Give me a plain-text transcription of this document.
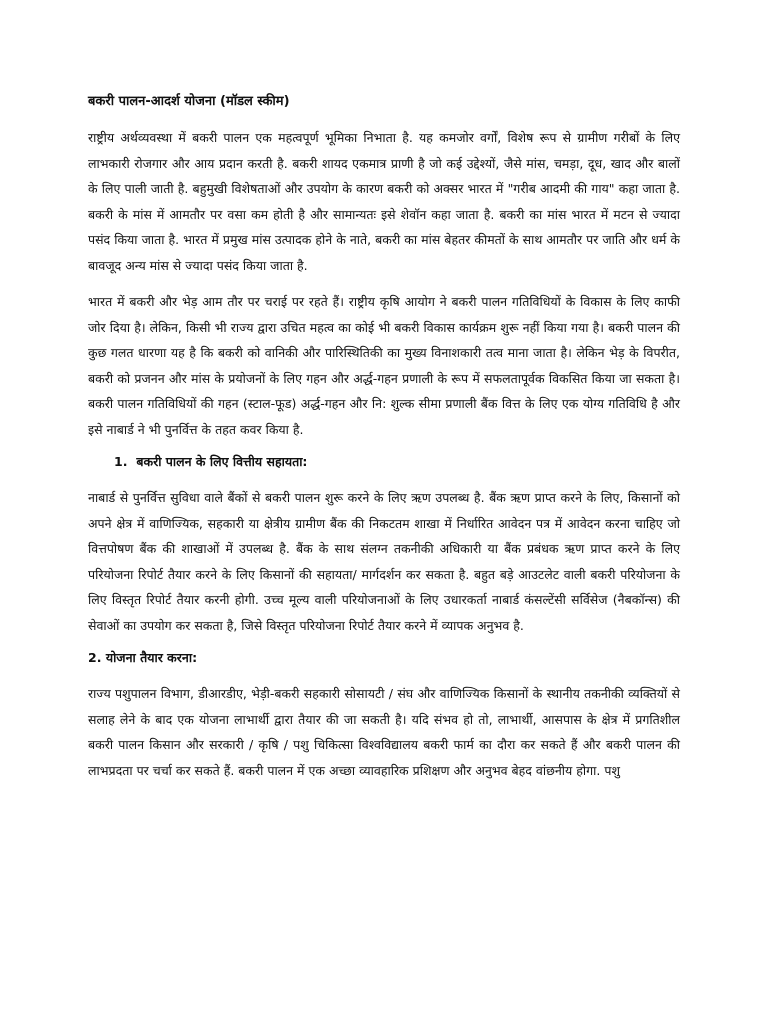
बकरी पालन-आदर्श योजना (मॉडल स्कीम)

राष्ट्रीय अर्थव्यवस्था में बकरी पालन एक महत्वपूर्ण भूमिका निभाता है. यह कमजोर वर्गों, विशेष रूप से ग्रामीण गरीबों के लिए लाभकारी रोजगार और आय प्रदान करती है. बकरी शायद एकमात्र प्राणी है जो कई उद्देश्यों, जैसे मांस, चमड़ा, दूध, खाद और बालों के लिए पाली जाती है. बहुमुखी विशेषताओं और उपयोग के कारण बकरी को अक्सर भारत में "गरीब आदमी की गाय" कहा जाता है. बकरी के मांस में आमतौर पर वसा कम होती है और सामान्यतः इसे शेवॉन कहा जाता है. बकरी का मांस भारत में मटन से ज्यादा पसंद किया जाता है. भारत में प्रमुख मांस उत्पादक होने के नाते, बकरी का मांस बेहतर कीमतों के साथ आमतौर पर जाति और धर्म के बावजूद अन्य मांस से ज्यादा पसंद किया जाता है.

भारत में बकरी और भेड़ आम तौर पर चराई पर रहते हैं। राष्ट्रीय कृषि आयोग ने बकरी पालन गतिविधियों के विकास के लिए काफी जोर दिया है। लेकिन, किसी भी राज्य द्वारा उचित महत्व का कोई भी बकरी विकास कार्यक्रम शुरू नहीं किया गया है। बकरी पालन की कुछ गलत धारणा यह है कि बकरी को वानिकी और पारिस्थितिकी का मुख्य विनाशकारी तत्व माना जाता है। लेकिन भेड़ के विपरीत, बकरी को प्रजनन और मांस के प्रयोजनों के लिए गहन और अर्द्ध-गहन प्रणाली के रूप में सफलतापूर्वक विकसित किया जा सकता है। बकरी पालन गतिविधियों की गहन (स्टाल-फूड) अर्द्ध-गहन और नि: शुल्क सीमा प्रणाली बैंक वित्त के लिए एक योग्य गतिविधि है और इसे नाबार्ड ने भी पुनर्वित्त के तहत कवर किया है.

1. बकरी पालन के लिए वित्तीय सहायता:

नाबार्ड से पुनर्वित्त सुविधा वाले बैंकों से बकरी पालन शुरू करने के लिए ऋण उपलब्ध है. बैंक ऋण प्राप्त करने के लिए, किसानों को अपने क्षेत्र में वाणिज्यिक, सहकारी या क्षेत्रीय ग्रामीण बैंक की निकटतम शाखा में निर्धारित आवेदन पत्र में आवेदन करना चाहिए जो वित्तपोषण बैंक की शाखाओं में उपलब्ध है. बैंक के साथ संलग्न तकनीकी अधिकारी या बैंक प्रबंधक ऋण प्राप्त करने के लिए परियोजना रिपोर्ट तैयार करने के लिए किसानों की सहायता/ मार्गदर्शन कर सकता है. बहुत बड़े आउटलेट वाली बकरी परियोजना के लिए विस्तृत रिपोर्ट तैयार करनी होगी. उच्च मूल्य वाली परियोजनाओं के लिए उधारकर्ता नाबार्ड कंसल्टेंसी सर्विसेज (नैबकॉन्स) की सेवाओं का उपयोग कर सकता है, जिसे विस्तृत परियोजना रिपोर्ट तैयार करने में व्यापक अनुभव है.

2. योजना तैयार करना:

राज्य पशुपालन विभाग, डीआरडीए, भेड़ी-बकरी सहकारी सोसायटी / संघ और वाणिज्यिक किसानों के स्थानीय तकनीकी व्यक्तियों से सलाह लेने के बाद एक योजना लाभार्थी द्वारा तैयार की जा सकती है। यदि संभव हो तो, लाभार्थी, आसपास के क्षेत्र में प्रगतिशील बकरी पालन किसान और सरकारी / कृषि / पशु चिकित्सा विश्वविद्यालय बकरी फार्म का दौरा कर सकते हैं और बकरी पालन की लाभप्रदता पर चर्चा कर सकते हैं. बकरी पालन में एक अच्छा व्यावहारिक प्रशिक्षण और अनुभव बेहद वांछनीय होगा. पशु
